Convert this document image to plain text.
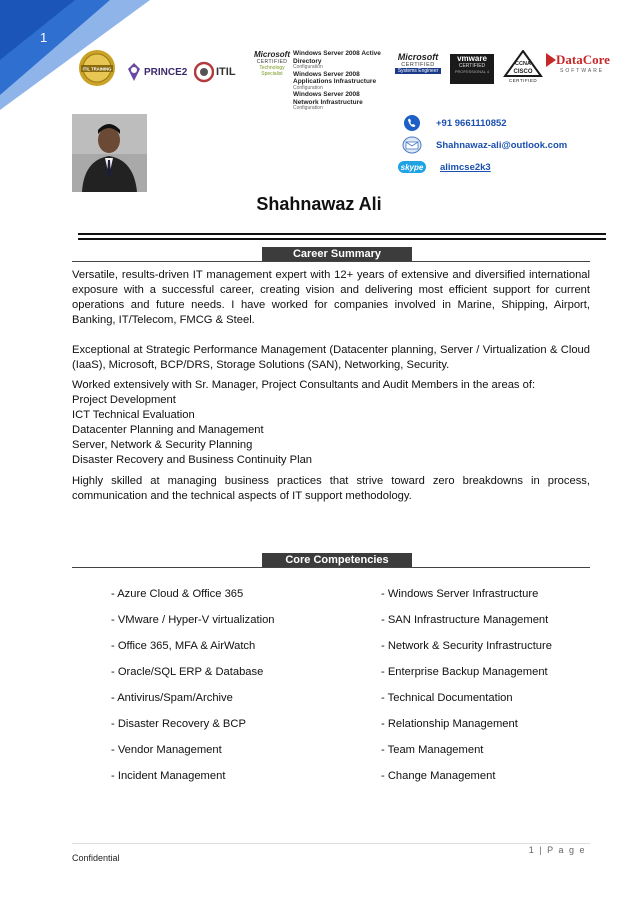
1
ITIL TRAINING	PRINCE2	ITIL
Microsoft
CERTIFIED
Technology Specialist
Windows Server 2008 Active Directory
Configuration
Windows Server 2008 Applications Infrastructure
Configuration
Windows Server 2008 Network Infrastructure
Configuration
Microsoft
CERTIFIED
Systems Engineer
vmware
CERTIFIED
PROFESSIONAL 4
CCNA
CISCO
CERTIFIED
DataCore
SOFTWARE
+91 9661110852
Shahnawaz-ali@outlook.com
skype alimcse2k3
Shahnawaz Ali
Career Summary
Versatile, results-driven IT management expert with 12+ years of extensive and diversified international exposure with a successful career, creating vision and delivering most efficient support for current operations and future needs. I have worked for companies involved in Marine, Shipping, Airport, Banking, IT/Telecom, FMCG & Steel.
Exceptional at Strategic Performance Management (Datacenter planning, Server / Virtualization & Cloud (IaaS), Microsoft, BCP/DRS, Storage Solutions (SAN), Networking, Security.
Worked extensively with Sr. Manager, Project Consultants and Audit Members in the areas of:
Project Development
ICT Technical Evaluation
Datacenter Planning and Management
Server, Network & Security Planning
Disaster Recovery and Business Continuity Plan
Highly skilled at managing business practices that strive toward zero breakdowns in process, communication and the technical aspects of IT support methodology.
Core Competencies
- Azure Cloud & Office 365
- VMware / Hyper-V virtualization
- Office 365, MFA & AirWatch
- Oracle/SQL ERP & Database
- Antivirus/Spam/Archive
- Disaster Recovery & BCP
- Vendor Management
- Incident Management
- Windows Server Infrastructure
- SAN Infrastructure Management
- Network & Security Infrastructure
- Enterprise Backup Management
- Technical Documentation
- Relationship Management
- Team Management
- Change Management
1 | P a g e
Confidential
